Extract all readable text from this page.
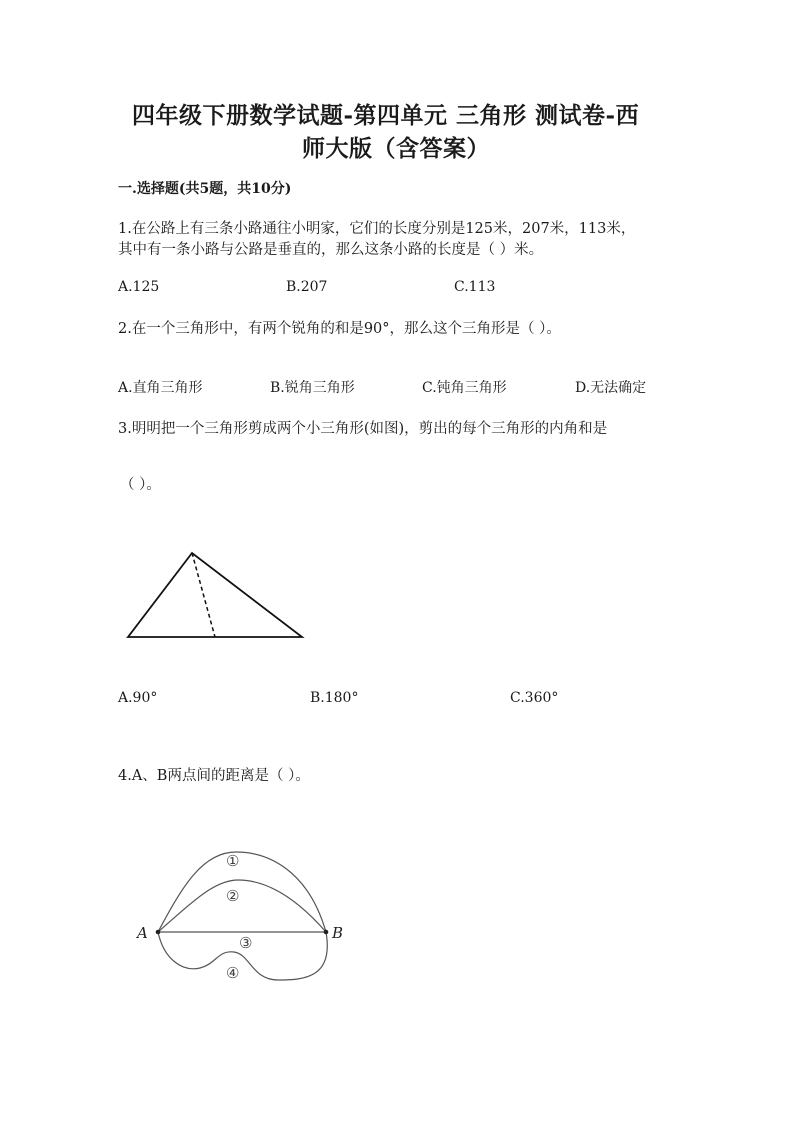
四年级下册数学试题-第四单元 三角形 测试卷-西
师大版（含答案）
一.选择题(共5题，共10分)
1.在公路上有三条小路通往小明家，它们的长度分别是125米，207米，113米，
其中有一条小路与公路是垂直的，那么这条小路的长度是（ ）米。
A.125	B.207	C.113
2.在一个三角形中，有两个锐角的和是90°，那么这个三角形是（ ）。
A.直角三角形	B.锐角三角形	C.钝角三角形	D.无法确定
3.明明把一个三角形剪成两个小三角形(如图)，剪出的每个三角形的内角和是
（ ）。
A.90°	B.180°	C.360°
4.A、B两点间的距离是（ ）。
A	B
①
②
③
④
